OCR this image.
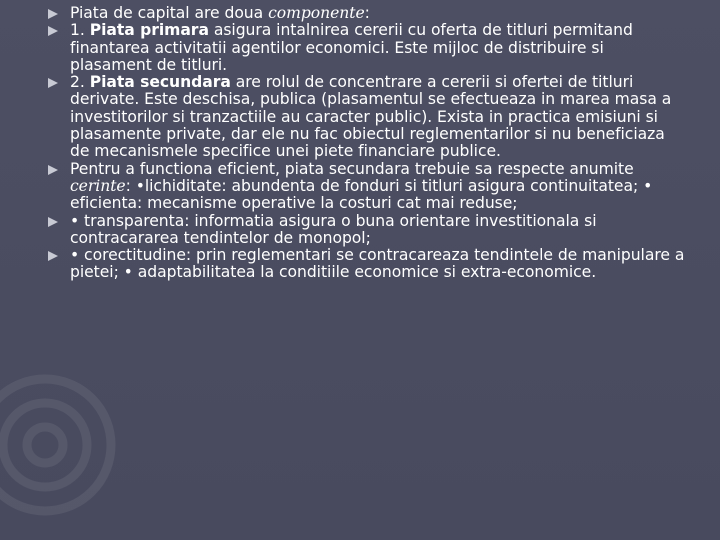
Piata de capital are doua componente:
1. Piata primara asigura intalnirea cererii cu oferta de titluri permitand finantarea activitatii agentilor economici. Este mijloc de distribuire si plasament de titluri.
2. Piata secundara are rolul de concentrare a cererii si ofertei de titluri derivate. Este deschisa, publica (plasamentul se efectueaza in marea masa a investitorilor si tranzactiile au caracter public). Exista in practica emisiuni si plasamente private, dar ele nu fac obiectul reglementarilor si nu beneficiaza de mecanismele specifice unei piete financiare publice.
Pentru a functiona eficient, piata secundara trebuie sa respecte anumite cerinte: •lichiditate: abundenta de fonduri si titluri asigura continuitatea; • eficienta: mecanisme operative la costuri cat mai reduse;
• transparenta: informatia asigura o buna orientare investitionala si contracararea tendintelor de monopol;
• corectitudine: prin reglementari se contracareaza tendintele de manipulare a pietei; • adaptabilitatea la conditiile economice si extra-economice.
